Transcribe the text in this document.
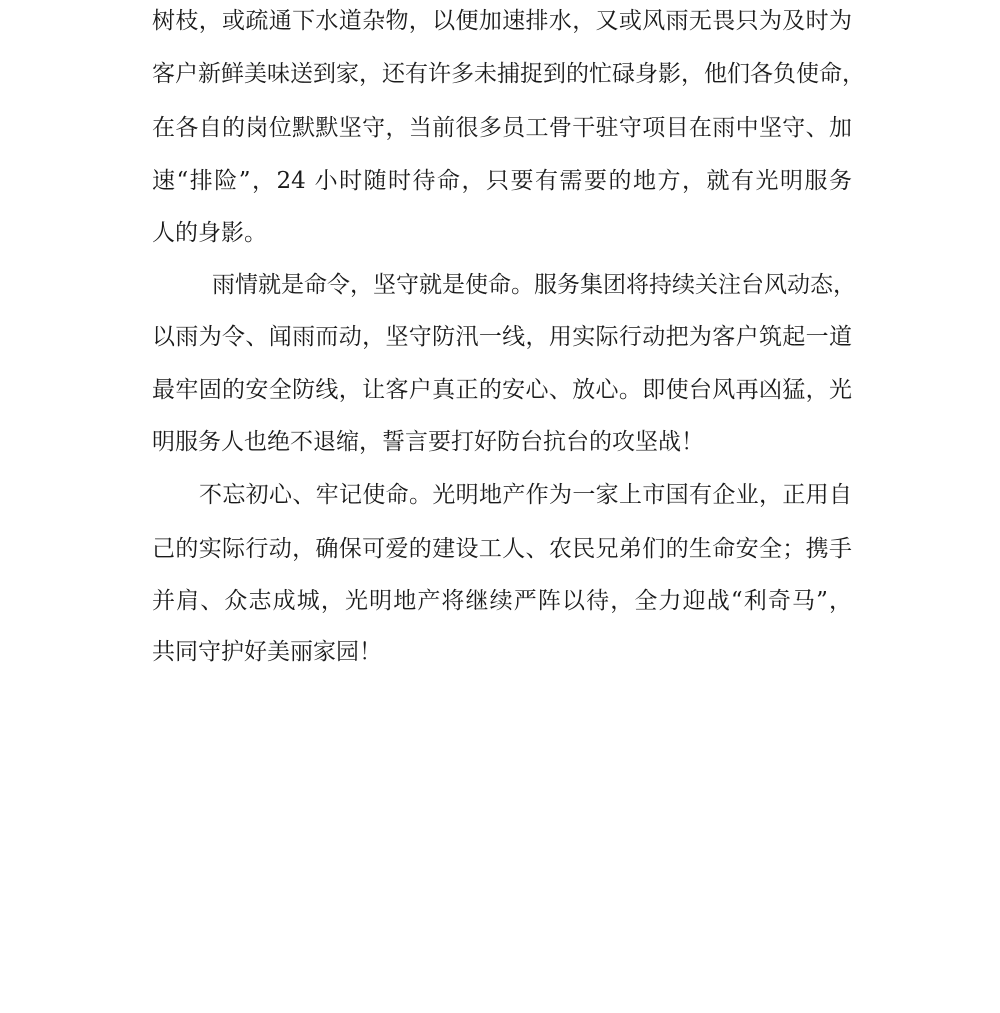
树枝，或疏通下水道杂物，以便加速排水，又或风雨无畏只为及时为
客户新鲜美味送到家，还有许多未捕捉到的忙碌身影，他们各负使命，
在各自的岗位默默坚守，当前很多员工骨干驻守项目在雨中坚守、加
速“排险”，24 小时随时待命，只要有需要的地方，就有光明服务
人的身影。
雨情就是命令，坚守就是使命。服务集团将持续关注台风动态，
以雨为令、闻雨而动，坚守防汛一线，用实际行动把为客户筑起一道
最牢固的安全防线，让客户真正的安心、放心。即使台风再凶猛，光
明服务人也绝不退缩，誓言要打好防台抗台的攻坚战！
不忘初心、牢记使命。光明地产作为一家上市国有企业，正用自
己的实际行动，确保可爱的建设工人、农民兄弟们的生命安全；携手
并肩、众志成城，光明地产将继续严阵以待，全力迎战“利奇马”，
共同守护好美丽家园！
